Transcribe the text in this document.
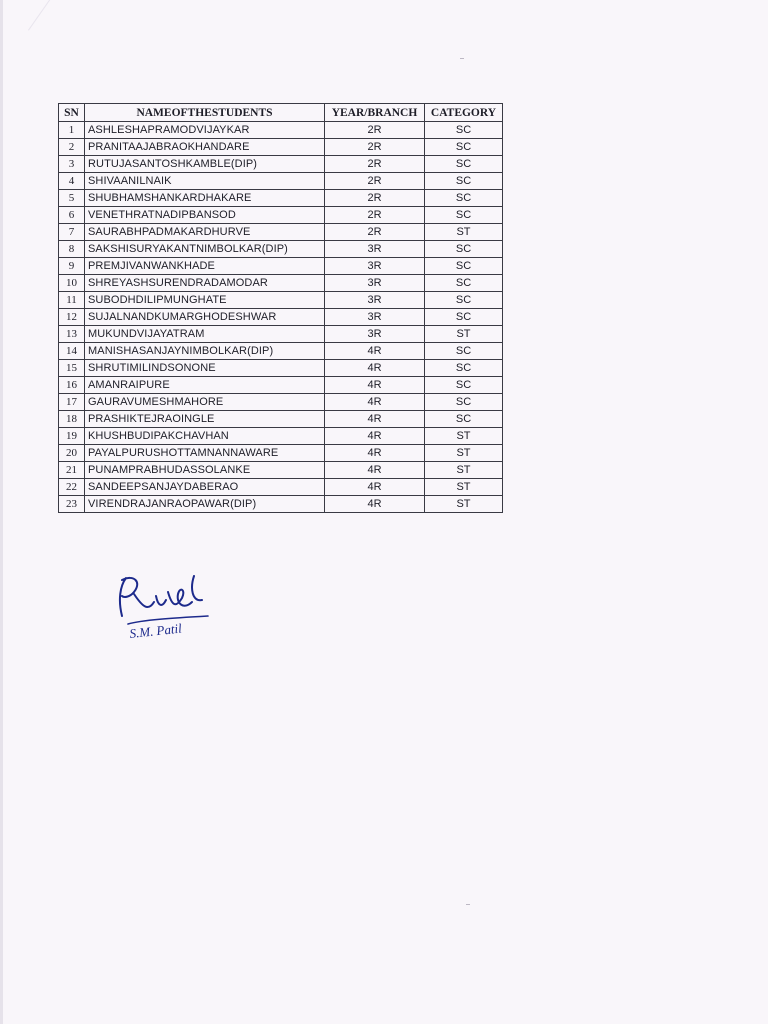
SN	NAMEOFTHESTUDENTS	YEAR/BRANCH	CATEGORY
1	ASHLESHAPRAMODVIJAYKAR	2R	SC
2	PRANITAAJABRAOKHANDARE	2R	SC
3	RUTUJASANTOSHKAMBLE(DIP)	2R	SC
4	SHIVAANILNAIK	2R	SC
5	SHUBHAMSHANKARDHAKARE	2R	SC
6	VENETHRATNADIPBANSOD	2R	SC
7	SAURABHPADMAKARDHURVE	2R	ST
8	SAKSHISURYAKANTNIMBOLKAR(DIP)	3R	SC
9	PREMJIVANWANKHADE	3R	SC
10	SHREYASHSURENDRADAMODAR	3R	SC
11	SUBODHDILIPMUNGHATE	3R	SC
12	SUJALNANDKUMARGHODESHWAR	3R	SC
13	MUKUNDVIJAYATRAM	3R	ST
14	MANISHASANJAYNIMBOLKAR(DIP)	4R	SC
15	SHRUTIMILINDSONONE	4R	SC
16	AMANRAIPURE	4R	SC
17	GAURAVUMESHMAHORE	4R	SC
18	PRASHIKTEJRAOINGLE	4R	SC
19	KHUSHBUDIPAKCHAVHAN	4R	ST
20	PAYALPURUSHOTTAMNANNAWARE	4R	ST
21	PUNAMPRABHUDASSOLANKE	4R	ST
22	SANDEEPSANJAYDABERAO	4R	ST
23	VIRENDRAJANRAOPAWAR(DIP)	4R	ST
S.M. Patil
